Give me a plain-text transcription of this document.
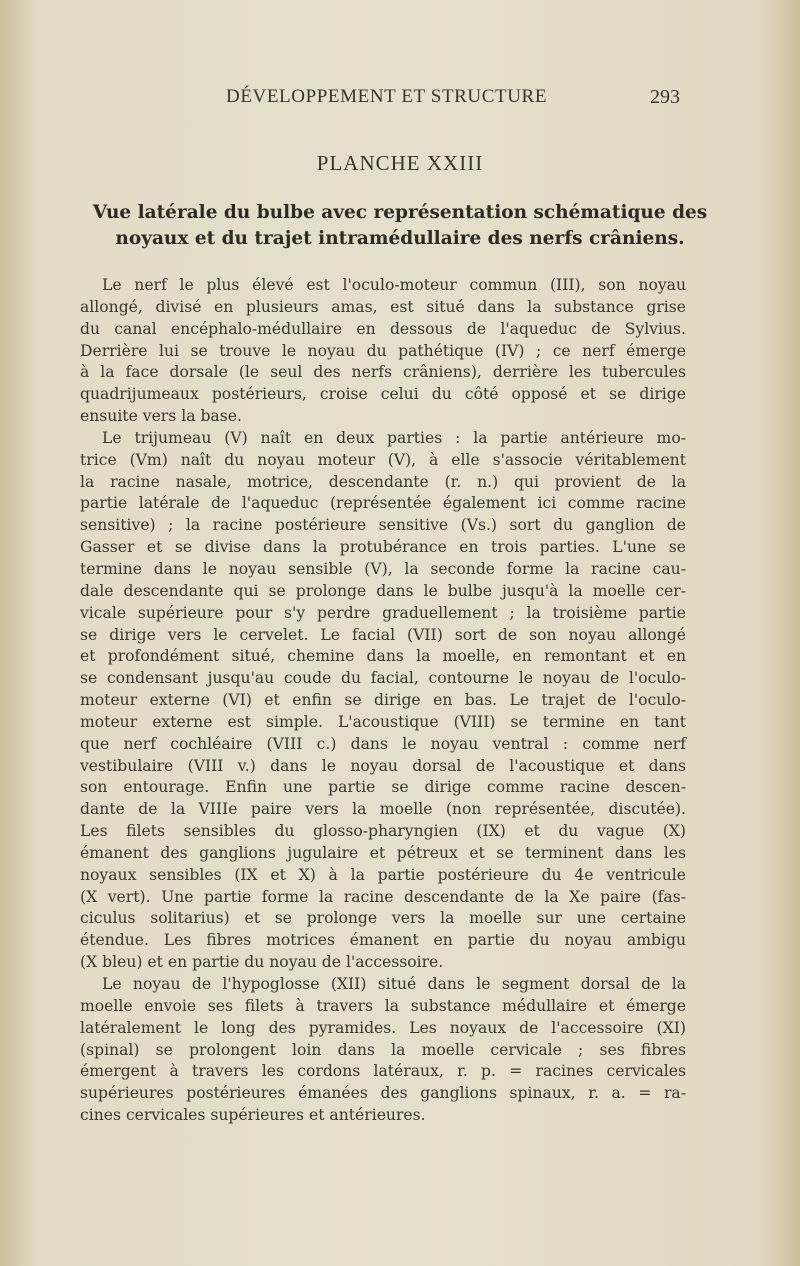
DÉVELOPPEMENT ET STRUCTURE	293
PLANCHE XXIII
Vue latérale du bulbe avec représentation schématique des
noyaux et du trajet intramédullaire des nerfs crâniens.
Le nerf le plus élevé est l'oculo-moteur commun (III), son noyau
allongé, divisé en plusieurs amas, est situé dans la substance grise
du canal encéphalo-médullaire en dessous de l'aqueduc de Sylvius.
Derrière lui se trouve le noyau du pathétique (IV) ; ce nerf émerge
à la face dorsale (le seul des nerfs crâniens), derrière les tubercules
quadrijumeaux postérieurs, croise celui du côté opposé et se dirige
ensuite vers la base.
Le trijumeau (V) naît en deux parties : la partie antérieure mo-
trice (Vm) naît du noyau moteur (V), à elle s'associe véritablement
la racine nasale, motrice, descendante (r. n.) qui provient de la
partie latérale de l'aqueduc (représentée également ici comme racine
sensitive) ; la racine postérieure sensitive (Vs.) sort du ganglion de
Gasser et se divise dans la protubérance en trois parties. L'une se
termine dans le noyau sensible (V), la seconde forme la racine cau-
dale descendante qui se prolonge dans le bulbe jusqu'à la moelle cer-
vicale supérieure pour s'y perdre graduellement ; la troisième partie
se dirige vers le cervelet. Le facial (VII) sort de son noyau allongé
et profondément situé, chemine dans la moelle, en remontant et en
se condensant jusqu'au coude du facial, contourne le noyau de l'oculo-
moteur externe (VI) et enfin se dirige en bas. Le trajet de l'oculo-
moteur externe est simple. L'acoustique (VIII) se termine en tant
que nerf cochléaire (VIII c.) dans le noyau ventral : comme nerf
vestibulaire (VIII v.) dans le noyau dorsal de l'acoustique et dans
son entourage. Enfin une partie se dirige comme racine descen-
dante de la VIIIe paire vers la moelle (non représentée, discutée).
Les filets sensibles du glosso-pharyngien (IX) et du vague (X)
émanent des ganglions jugulaire et pétreux et se terminent dans les
noyaux sensibles (IX et X) à la partie postérieure du 4e ventricule
(X vert). Une partie forme la racine descendante de la Xe paire (fas-
ciculus solitarius) et se prolonge vers la moelle sur une certaine
étendue. Les fibres motrices émanent en partie du noyau ambigu
(X bleu) et en partie du noyau de l'accessoire.
Le noyau de l'hypoglosse (XII) situé dans le segment dorsal de la
moelle envoie ses filets à travers la substance médullaire et émerge
latéralement le long des pyramides. Les noyaux de l'accessoire (XI)
(spinal) se prolongent loin dans la moelle cervicale ; ses fibres
émergent à travers les cordons latéraux, r. p. = racines cervicales
supérieures postérieures émanées des ganglions spinaux, r. a. = ra-
cines cervicales supérieures et antérieures.
